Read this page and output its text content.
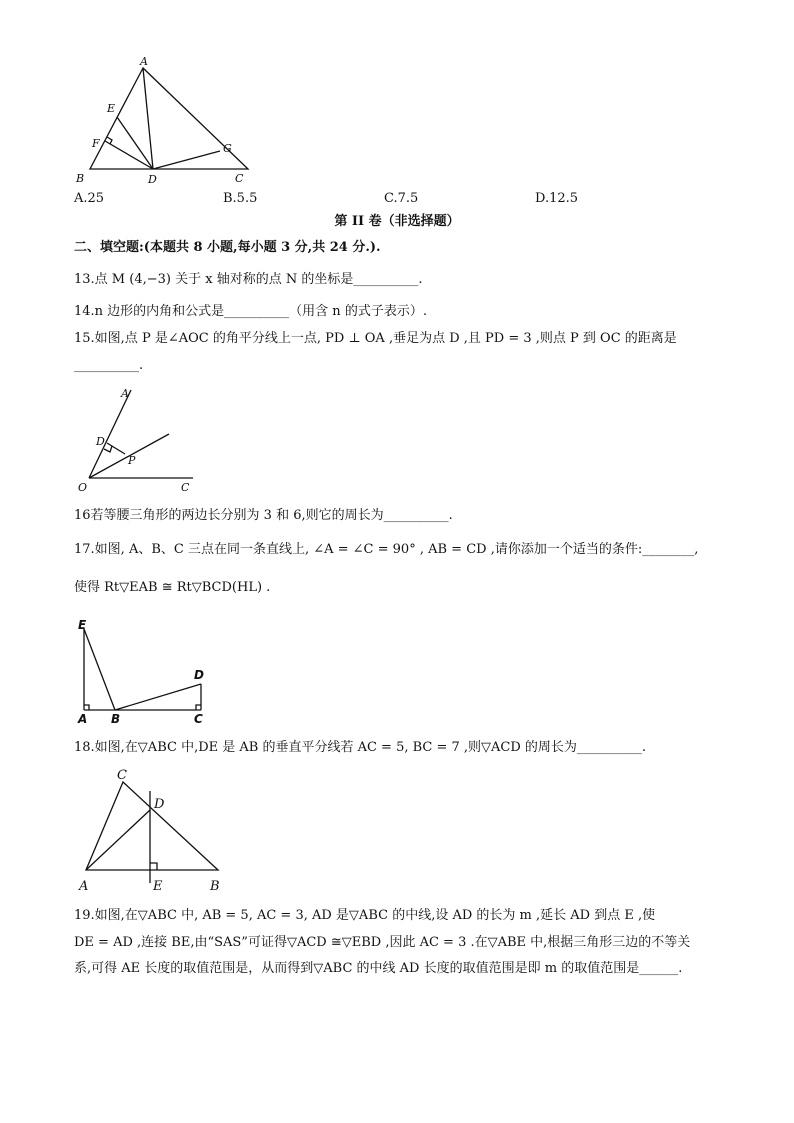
A
E
F	G
B	D	C
A.25	B.5.5	C.7.5	D.12.5
第 II 卷（非选择题）
二、填空题:(本题共 8 小题,每小题 3 分,共 24 分.).
13.点 M (4,−3) 关于 x 轴对称的点 N 的坐标是__________.
14.n 边形的内角和公式是__________（用含 n 的式子表示）.
15.如图,点 P 是∠AOC 的角平分线上一点, PD ⊥ OA ,垂足为点 D ,且 PD = 3 ,则点 P 到 OC 的距离是
__________.
A
D
P
O	C
16若等腰三角形的两边长分别为 3 和 6,则它的周长为__________.
17.如图, A、B、C 三点在同一条直线上, ∠A = ∠C = 90° , AB = CD ,请你添加一个适当的条件:________,
使得 Rt▽EAB ≅ Rt▽BCD(HL) .
E
D
A B	C
18.如图,在▽ABC 中,DE 是 AB 的垂直平分线若 AC = 5, BC = 7 ,则▽ACD 的周长为__________.
C
D
A	E	B
19.如图,在▽ABC 中, AB = 5, AC = 3, AD 是▽ABC 的中线,设 AD 的长为 m ,延长 AD 到点 E ,使
DE = AD ,连接 BE,由“SAS”可证得▽ACD ≅▽EBD ,因此 AC = 3 .在▽ABE 中,根据三角形三边的不等关
系,可得 AE 长度的取值范围是，从而得到▽ABC 的中线 AD 长度的取值范围是即 m 的取值范围是______.
